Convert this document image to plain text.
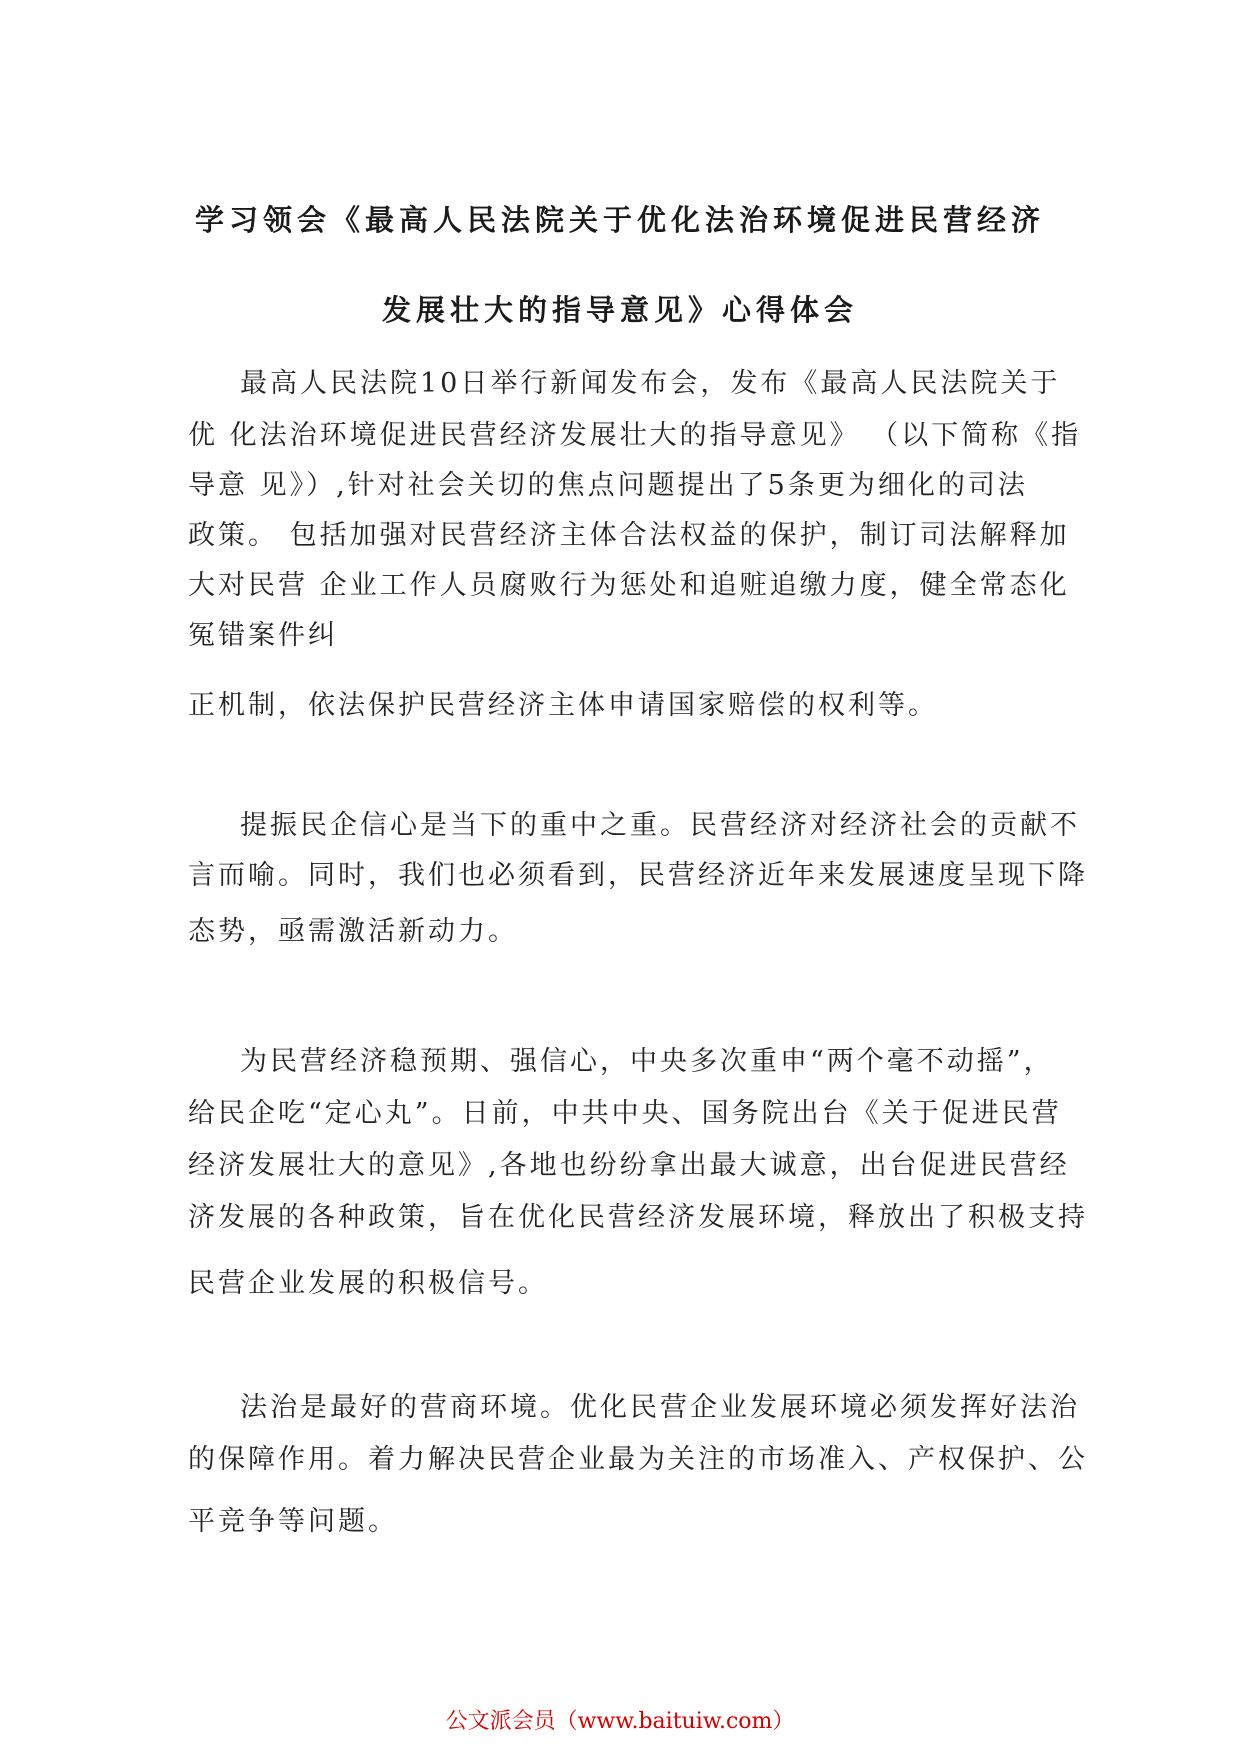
学习领会《最高人民法院关于优化法治环境促进民营经济
发展壮大的指导意见》心得体会
最高人民法院10日举行新闻发布会，发布《最高人民法院关于
优 化法治环境促进民营经济发展壮大的指导意见》 （以下简称《指
导意 见》）,针对社会关切的焦点问题提出了5条更为细化的司法
政策。 包括加强对民营经济主体合法权益的保护，制订司法解释加
大对民营 企业工作人员腐败行为惩处和追赃追缴力度，健全常态化
冤错案件纠
正机制，依法保护民营经济主体申请国家赔偿的权利等。
提振民企信心是当下的重中之重。民营经济对经济社会的贡献不
言而喻。同时，我们也必须看到，民营经济近年来发展速度呈现下降
态势，亟需激活新动力。
为民营经济稳预期、强信心，中央多次重申“两个毫不动摇”，
给民企吃“定心丸”。日前，中共中央、国务院出台《关于促进民营
经济发展壮大的意见》,各地也纷纷拿出最大诚意，出台促进民营经
济发展的各种政策，旨在优化民营经济发展环境，释放出了积极支持
民营企业发展的积极信号。
法治是最好的营商环境。优化民营企业发展环境必须发挥好法治
的保障作用。着力解决民营企业最为关注的市场准入、产权保护、公
平竞争等问题。
公文派会员（www.baituiw.com）
